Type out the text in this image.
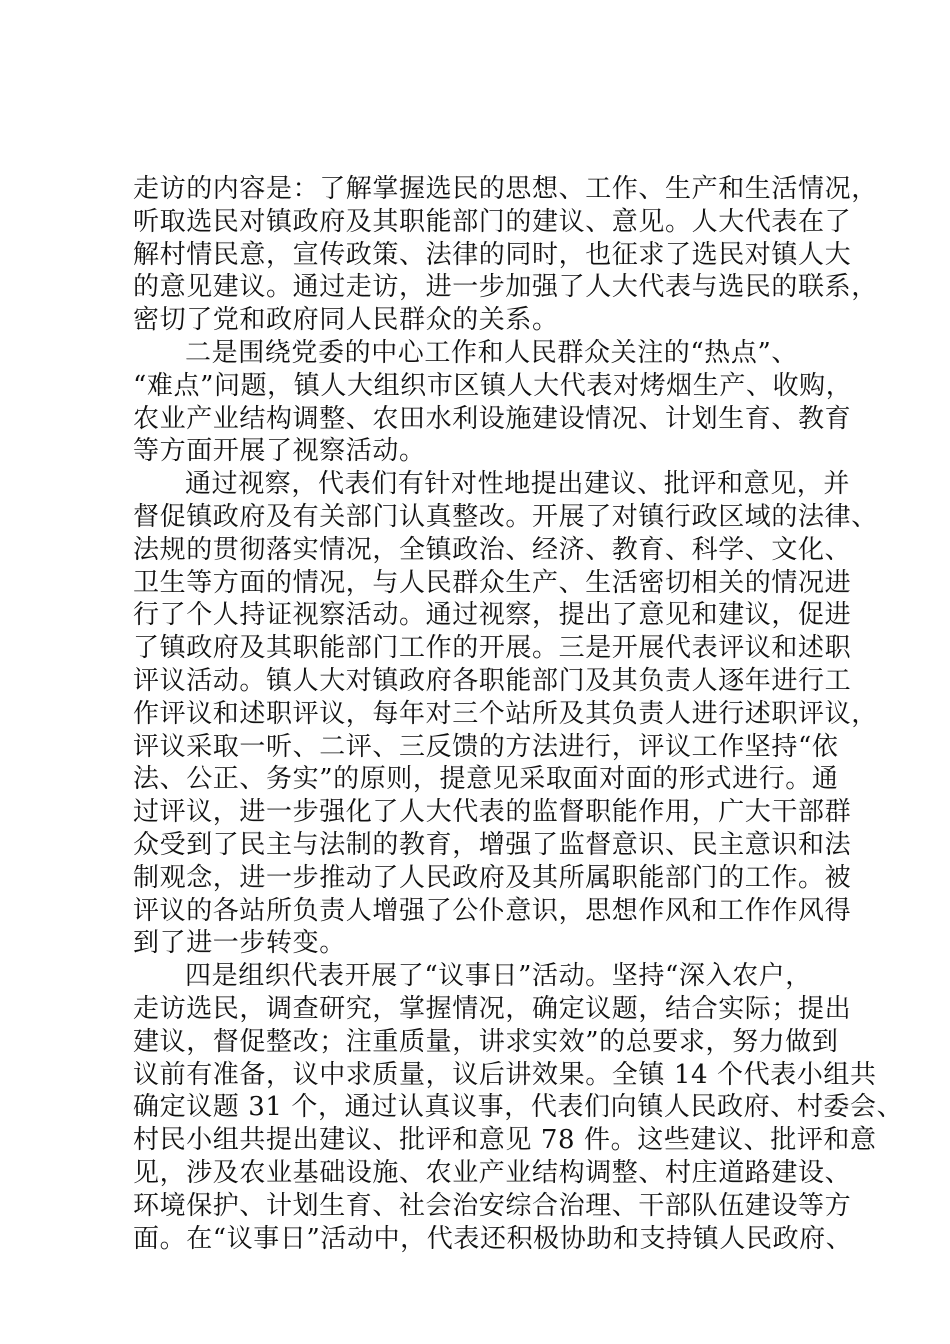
走访的内容是：了解掌握选民的思想、工作、生产和生活情况，
听取选民对镇政府及其职能部门的建议、意见。人大代表在了
解村情民意，宣传政策、法律的同时，也征求了选民对镇人大
的意见建议。通过走访，进一步加强了人大代表与选民的联系，
密切了党和政府同人民群众的关系。
二是围绕党委的中心工作和人民群众关注的“热点”、
“难点”问题，镇人大组织市区镇人大代表对烤烟生产、收购，
农业产业结构调整、农田水利设施建设情况、计划生育、教育
等方面开展了视察活动。
通过视察，代表们有针对性地提出建议、批评和意见，并
督促镇政府及有关部门认真整改。开展了对镇行政区域的法律、
法规的贯彻落实情况，全镇政治、经济、教育、科学、文化、
卫生等方面的情况，与人民群众生产、生活密切相关的情况进
行了个人持证视察活动。通过视察，提出了意见和建议，促进
了镇政府及其职能部门工作的开展。三是开展代表评议和述职
评议活动。镇人大对镇政府各职能部门及其负责人逐年进行工
作评议和述职评议，每年对三个站所及其负责人进行述职评议，
评议采取一听、二评、三反馈的方法进行，评议工作坚持“依
法、公正、务实”的原则，提意见采取面对面的形式进行。通
过评议，进一步强化了人大代表的监督职能作用，广大干部群
众受到了民主与法制的教育，增强了监督意识、民主意识和法
制观念，进一步推动了人民政府及其所属职能部门的工作。被
评议的各站所负责人增强了公仆意识，思想作风和工作作风得
到了进一步转变。
四是组织代表开展了“议事日”活动。坚持“深入农户，
走访选民，调查研究，掌握情况，确定议题，结合实际；提出
建议，督促整改；注重质量，讲求实效”的总要求，努力做到
议前有准备，议中求质量，议后讲效果。全镇 14 个代表小组共
确定议题 31 个，通过认真议事，代表们向镇人民政府、村委会、
村民小组共提出建议、批评和意见 78 件。这些建议、批评和意
见，涉及农业基础设施、农业产业结构调整、村庄道路建设、
环境保护、计划生育、社会治安综合治理、干部队伍建设等方
面。在“议事日”活动中，代表还积极协助和支持镇人民政府、
